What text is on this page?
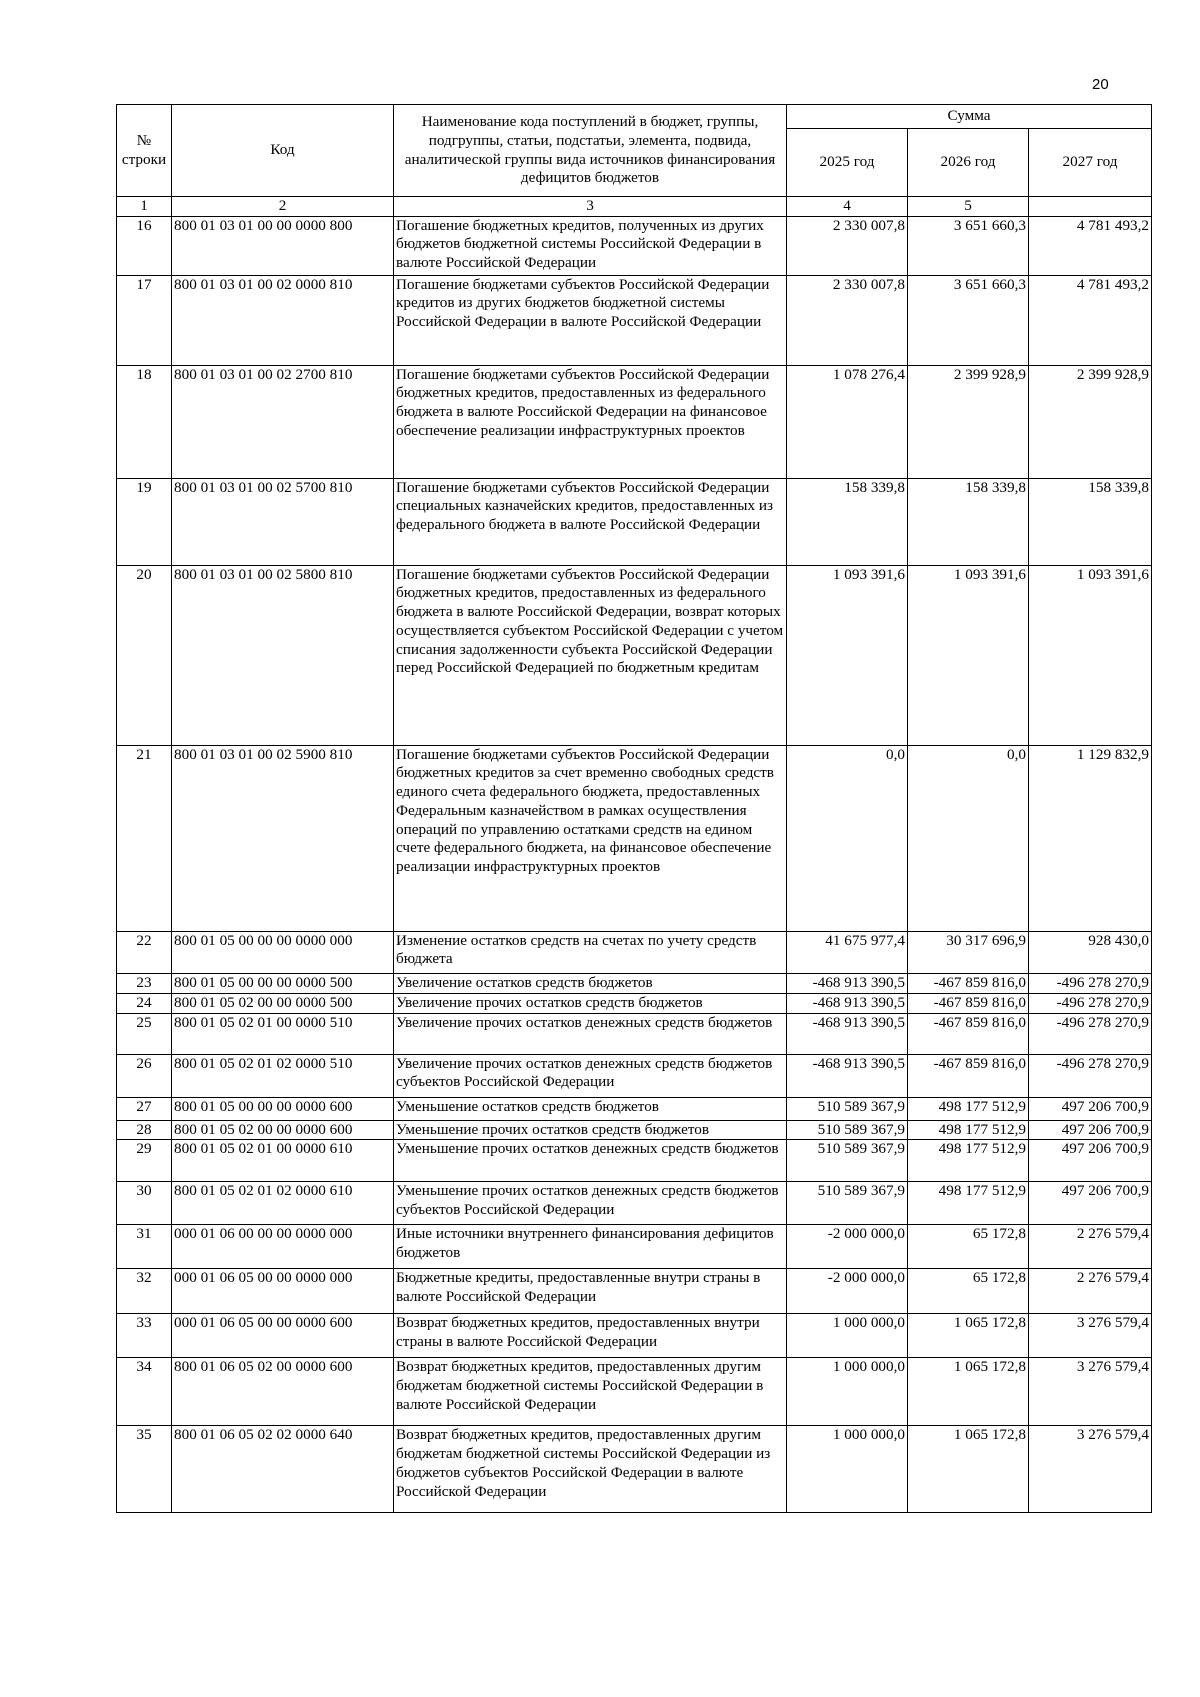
20
№ строки	Код	Наименование кода поступлений в бюджет, группы, подгруппы, статьи, подстатьи, элемента, подвида, аналитической группы вида источников финансирования дефицитов бюджетов	Сумма		
			2025 год	2026 год	2027 год
1	2	3	4	5	
16	800 01 03 01 00 00 0000 800	Погашение бюджетных кредитов, полученных из других бюджетов бюджетной системы Российской Федерации в валюте Российской Федерации	2 330 007,8	3 651 660,3	4 781 493,2
17	800 01 03 01 00 02 0000 810	Погашение бюджетами субъектов Российской Федерации кредитов из других бюджетов бюджетной системы Российской Федерации в валюте Российской Федерации	2 330 007,8	3 651 660,3	4 781 493,2
18	800 01 03 01 00 02 2700 810	Погашение бюджетами субъектов Российской Федерации бюджетных кредитов, предоставленных из федерального бюджета в валюте Российской Федерации на финансовое обеспечение реализации инфраструктурных проектов	1 078 276,4	2 399 928,9	2 399 928,9
19	800 01 03 01 00 02 5700 810	Погашение бюджетами субъектов Российской Федерации специальных казначейских кредитов, предоставленных из федерального бюджета в валюте Российской Федерации	158 339,8	158 339,8	158 339,8
20	800 01 03 01 00 02 5800 810	Погашение бюджетами субъектов Российской Федерации бюджетных кредитов, предоставленных из федерального бюджета в валюте Российской Федерации, возврат которых осуществляется субъектом Российской Федерации с учетом списания задолженности субъекта Российской Федерации перед Российской Федерацией по бюджетным кредитам	1 093 391,6	1 093 391,6	1 093 391,6
21	800 01 03 01 00 02 5900 810	Погашение бюджетами субъектов Российской Федерации бюджетных кредитов за счет временно свободных средств единого счета федерального бюджета, предоставленных Федеральным казначейством в рамках осуществления операций по управлению остатками средств на едином счете федерального бюджета, на финансовое обеспечение реализации инфраструктурных проектов	0,0	0,0	1 129 832,9
22	800 01 05 00 00 00 0000 000	Изменение остатков средств на счетах по учету средств бюджета	41 675 977,4	30 317 696,9	928 430,0
23	800 01 05 00 00 00 0000 500	Увеличение остатков средств бюджетов	-468 913 390,5	-467 859 816,0	-496 278 270,9
24	800 01 05 02 00 00 0000 500	Увеличение прочих остатков средств бюджетов	-468 913 390,5	-467 859 816,0	-496 278 270,9
25	800 01 05 02 01 00 0000 510	Увеличение прочих остатков денежных средств бюджетов	-468 913 390,5	-467 859 816,0	-496 278 270,9
26	800 01 05 02 01 02 0000 510	Увеличение прочих остатков денежных средств бюджетов субъектов Российской Федерации	-468 913 390,5	-467 859 816,0	-496 278 270,9
27	800 01 05 00 00 00 0000 600	Уменьшение остатков средств бюджетов	510 589 367,9	498 177 512,9	497 206 700,9
28	800 01 05 02 00 00 0000 600	Уменьшение прочих остатков средств бюджетов	510 589 367,9	498 177 512,9	497 206 700,9
29	800 01 05 02 01 00 0000 610	Уменьшение прочих остатков денежных средств бюджетов	510 589 367,9	498 177 512,9	497 206 700,9
30	800 01 05 02 01 02 0000 610	Уменьшение прочих остатков денежных средств бюджетов субъектов Российской Федерации	510 589 367,9	498 177 512,9	497 206 700,9
31	000 01 06 00 00 00 0000 000	Иные источники внутреннего финансирования дефицитов бюджетов	-2 000 000,0	65 172,8	2 276 579,4
32	000 01 06 05 00 00 0000 000	Бюджетные кредиты, предоставленные внутри страны в валюте Российской Федерации	-2 000 000,0	65 172,8	2 276 579,4
33	000 01 06 05 00 00 0000 600	Возврат бюджетных кредитов, предоставленных внутри страны в валюте Российской Федерации	1 000 000,0	1 065 172,8	3 276 579,4
34	800 01 06 05 02 00 0000 600	Возврат бюджетных кредитов, предоставленных другим бюджетам бюджетной системы Российской Федерации в валюте Российской Федерации	1 000 000,0	1 065 172,8	3 276 579,4
35	800 01 06 05 02 02 0000 640	Возврат бюджетных кредитов, предоставленных другим бюджетам бюджетной системы Российской Федерации из бюджетов субъектов Российской Федерации в валюте Российской Федерации	1 000 000,0	1 065 172,8	3 276 579,4
